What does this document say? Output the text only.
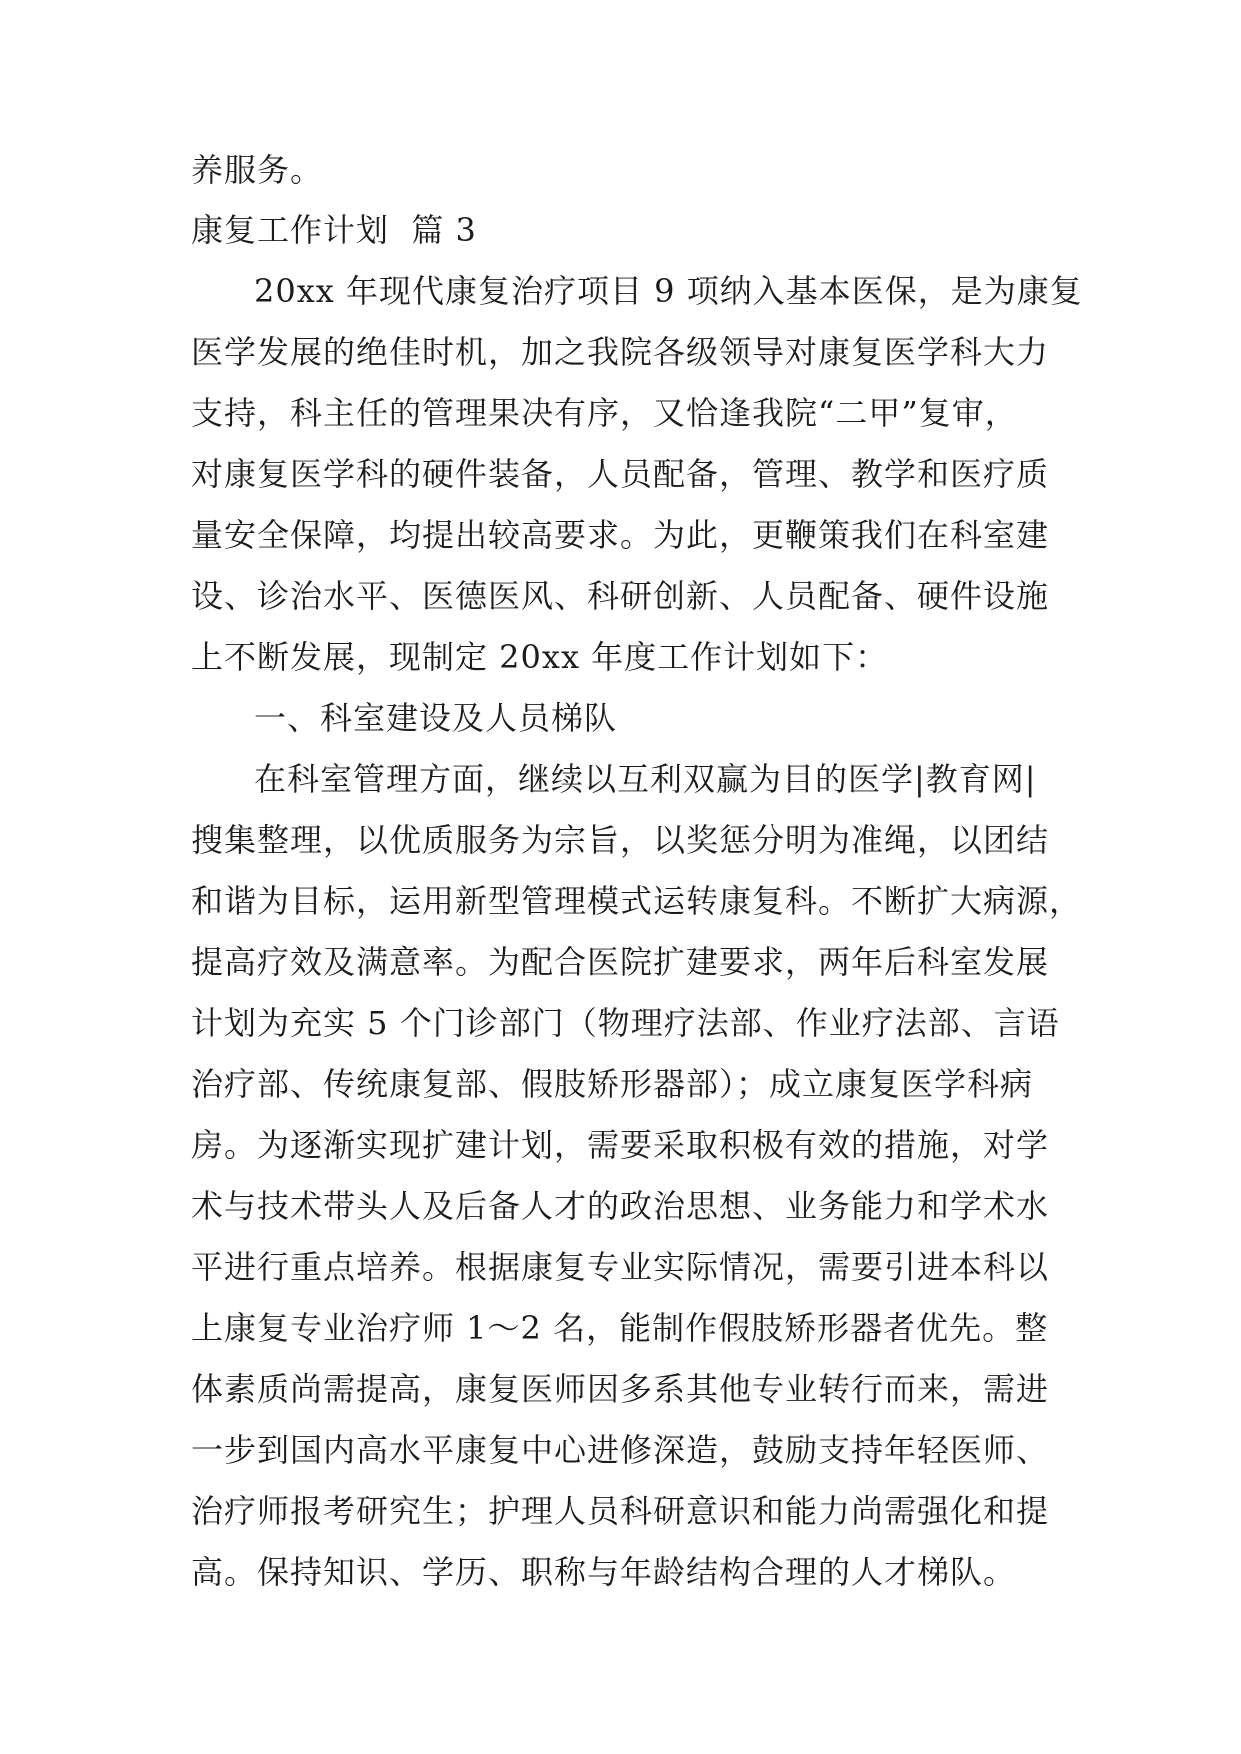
养服务。
康复工作计划  篇 3
20xx 年现代康复治疗项目 9 项纳入基本医保，是为康复
医学发展的绝佳时机，加之我院各级领导对康复医学科大力
支持，科主任的管理果决有序，又恰逢我院“二甲”复审，
对康复医学科的硬件装备，人员配备，管理、教学和医疗质
量安全保障，均提出较高要求。为此，更鞭策我们在科室建
设、诊治水平、医德医风、科研创新、人员配备、硬件设施
上不断发展，现制定 20xx 年度工作计划如下：
一、科室建设及人员梯队
在科室管理方面，继续以互利双赢为目的医学|教育网|
搜集整理，以优质服务为宗旨，以奖惩分明为准绳，以团结
和谐为目标，运用新型管理模式运转康复科。不断扩大病源，
提高疗效及满意率。为配合医院扩建要求，两年后科室发展
计划为充实 5 个门诊部门（物理疗法部、作业疗法部、言语
治疗部、传统康复部、假肢矫形器部）；成立康复医学科病
房。为逐渐实现扩建计划，需要采取积极有效的措施，对学
术与技术带头人及后备人才的政治思想、业务能力和学术水
平进行重点培养。根据康复专业实际情况，需要引进本科以
上康复专业治疗师 1～2 名，能制作假肢矫形器者优先。整
体素质尚需提高，康复医师因多系其他专业转行而来，需进
一步到国内高水平康复中心进修深造，鼓励支持年轻医师、
治疗师报考研究生；护理人员科研意识和能力尚需强化和提
高。保持知识、学历、职称与年龄结构合理的人才梯队。
